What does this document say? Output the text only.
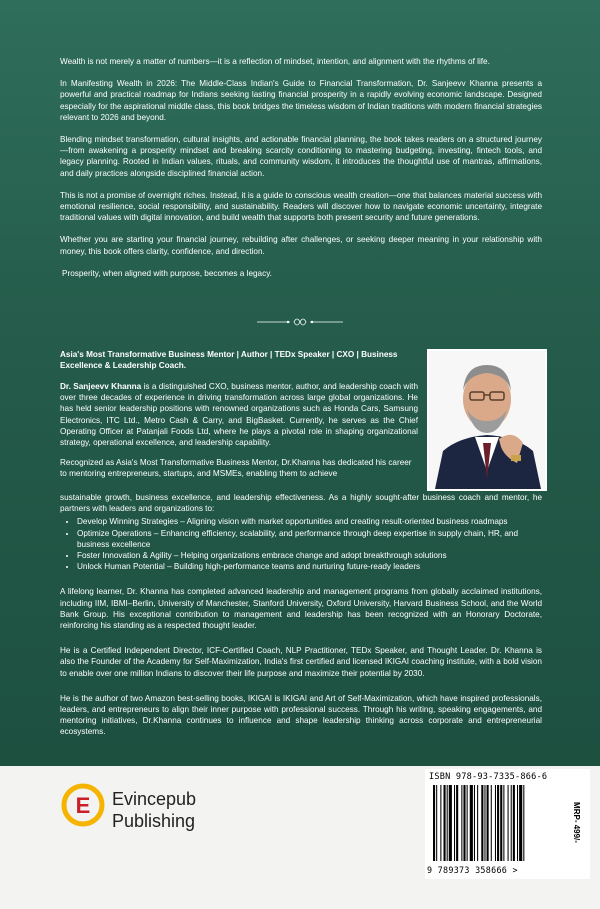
Wealth is not merely a matter of numbers—it is a reflection of mindset, intention, and alignment with the rhythms of life.

In Manifesting Wealth in 2026: The Middle-Class Indian's Guide to Financial Transformation, Dr. Sanjeevv Khanna presents a powerful and practical roadmap for Indians seeking lasting financial prosperity in a rapidly evolving economic landscape. Designed especially for the aspirational middle class, this book bridges the timeless wisdom of Indian traditions with modern financial strategies relevant to 2026 and beyond.

Blending mindset transformation, cultural insights, and actionable financial planning, the book takes readers on a structured journey—from awakening a prosperity mindset and breaking scarcity conditioning to mastering budgeting, investing, fintech tools, and legacy planning. Rooted in Indian values, rituals, and community wisdom, it introduces the thoughtful use of mantras, affirmations, and daily practices alongside disciplined financial action.

This is not a promise of overnight riches. Instead, it is a guide to conscious wealth creation—one that balances material success with emotional resilience, social responsibility, and sustainability. Readers will discover how to navigate economic uncertainty, integrate traditional values with digital innovation, and build wealth that supports both present security and future generations.

Whether you are starting your financial journey, rebuilding after challenges, or seeking deeper meaning in your relationship with money, this book offers clarity, confidence, and direction.

Prosperity, when aligned with purpose, becomes a legacy.

Asia's Most Transformative Business Mentor | Author | TEDx Speaker | CXO | Business Excellence & Leadership Coach.

Dr. Sanjeevv Khanna is a distinguished CXO, business mentor, author, and leadership coach with over three decades of experience in driving transformation across large global organizations. He has held senior leadership positions with renowned organizations such as Honda Cars, Samsung Electronics, ITC Ltd., Metro Cash & Carry, and BigBasket. Currently, he serves as the Chief Operating Officer at Patanjali Foods Ltd, where he plays a pivotal role in shaping organizational strategy, operational excellence, and leadership capability.

Recognized as Asia's Most Transformative Business Mentor, Dr.Khanna has dedicated his career to mentoring entrepreneurs, startups, and MSMEs, enabling them to achieve

sustainable growth, business excellence, and leadership effectiveness. As a highly sought-after business coach and mentor, he partners with leaders and organizations to:

• Develop Winning Strategies – Aligning vision with market opportunities and creating result-oriented business roadmaps
• Optimize Operations – Enhancing efficiency, scalability, and performance through deep expertise in supply chain, HR, and business excellence
• Foster Innovation & Agility – Helping organizations embrace change and adopt breakthrough solutions
• Unlock Human Potential – Building high-performance teams and nurturing future-ready leaders

A lifelong learner, Dr. Khanna has completed advanced leadership and management programs from globally acclaimed institutions, including IIM, IBMI–Berlin, University of Manchester, Stanford University, Oxford University, Harvard Business School, and the World Bank Group. His exceptional contribution to management and leadership has been recognized with an Honorary Doctorate, reinforcing his standing as a respected thought leader.

He is a Certified Independent Director, ICF-Certified Coach, NLP Practitioner, TEDx Speaker, and Thought Leader. Dr. Khanna is also the Founder of the Academy for Self-Maximization, India's first certified and licensed IKIGAI coaching institute, with a bold vision to enable over one million Indians to discover their life purpose and maximize their potential by 2030.

He is the author of two Amazon best-selling books, IKIGAI is IKIGAI and Art of Self-Maximization, which have inspired professionals, leaders, and entrepreneurs to align their inner purpose with professional success. Through his writing, speaking engagements, and mentoring initiatives, Dr.Khanna continues to influence and shape leadership thinking across corporate and entrepreneurial ecosystems.

E Evincepub
Publishing
ISBN 978-93-7335-866-6
9 789373 358666 >
MRP- 499/-
